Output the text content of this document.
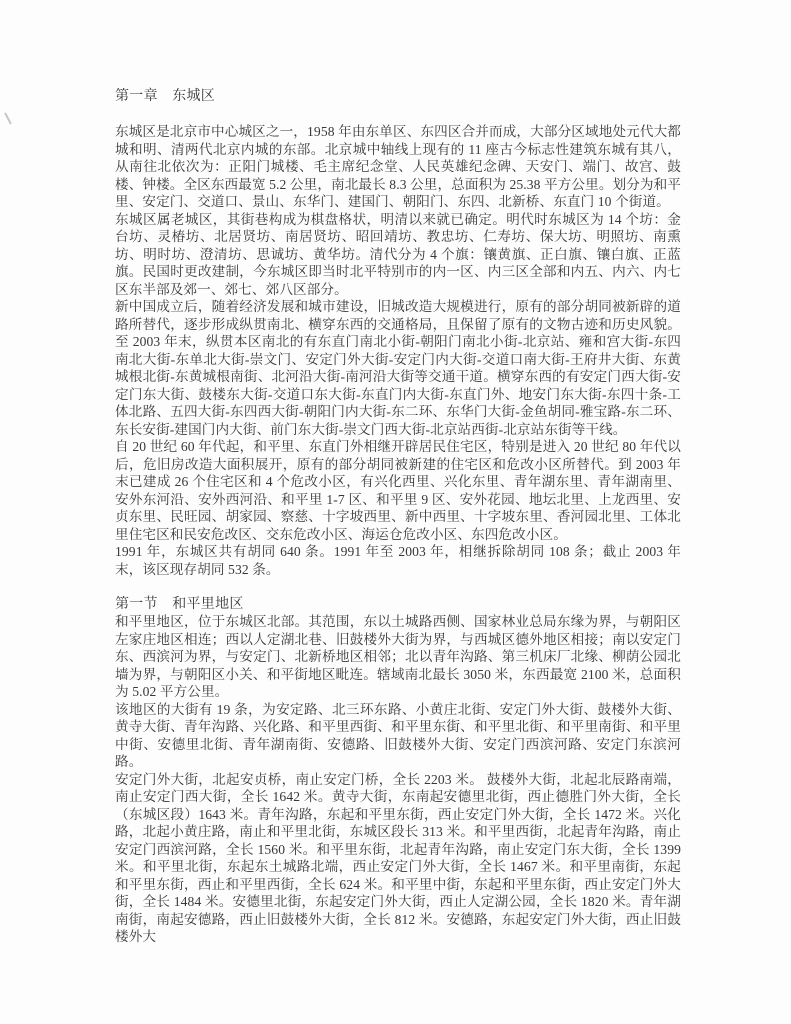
第一章　东城区

东城区是北京市中心城区之一，1958 年由东单区、东四区合并而成，大部分区域地处元代大都城和明、清两代北京内城的东部。北京城中轴线上现有的 11 座古今标志性建筑东城有其八，从南往北依次为：正阳门城楼、毛主席纪念堂、人民英雄纪念碑、天安门、端门、故宫、鼓楼、钟楼。全区东西最宽 5.2 公里，南北最长 8.3 公里，总面积为 25.38 平方公里。划分为和平里、安定门、交道口、景山、东华门、建国门、朝阳门、东四、北新桥、东直门 10 个街道。

东城区属老城区，其街巷构成为棋盘格状，明清以来就已确定。明代时东城区为 14 个坊：金台坊、灵椿坊、北居贤坊、南居贤坊、昭回靖坊、教忠坊、仁寿坊、保大坊、明照坊、南熏坊、明时坊、澄清坊、思诚坊、黄华坊。清代分为 4 个旗：镶黄旗、正白旗、镶白旗、正蓝旗。民国时更改建制，今东城区即当时北平特别市的内一区、内三区全部和内五、内六、内七区东半部及郊一、郊七、郊八区部分。

新中国成立后，随着经济发展和城市建设，旧城改造大规模进行，原有的部分胡同被新辟的道路所替代，逐步形成纵贯南北、横穿东西的交通格局，且保留了原有的文物古迹和历史风貌。至 2003 年末，纵贯本区南北的有东直门南北小街-朝阳门南北小街-北京站、雍和宫大街-东四南北大街-东单北大街-崇文门、安定门外大街-安定门内大街-交道口南大街-王府井大街、东黄城根北街-东黄城根南街、北河沿大街-南河沿大街等交通干道。横穿东西的有安定门西大街-安定门东大街、鼓楼东大街-交道口东大街-东直门内大街-东直门外、地安门东大街-东四十条-工体北路、五四大街-东四西大街-朝阳门内大街-东二环、东华门大街-金鱼胡同-雅宝路-东二环、东长安街-建国门内大街、前门东大街-崇文门西大街-北京站西街-北京站东街等干线。

自 20 世纪 60 年代起，和平里、东直门外相继开辟居民住宅区，特别是进入 20 世纪 80 年代以后，危旧房改造大面积展开，原有的部分胡同被新建的住宅区和危改小区所替代。到 2003 年末已建成 26 个住宅区和 4 个危改小区，有兴化西里、兴化东里、青年湖东里、青年湖南里、安外东河沿、安外西河沿、和平里 1-7 区、和平里 9 区、安外花园、地坛北里、上龙西里、安贞东里、民旺园、胡家园、察慈、十字坡西里、新中西里、十字坡东里、香河园北里、工体北里住宅区和民安危改区、交东危改小区、海运仓危改小区、东四危改小区。

1991 年，东城区共有胡同 640 条。1991 年至 2003 年，相继拆除胡同 108 条；截止 2003 年末，该区现存胡同 532 条。

第一节　和平里地区

和平里地区，位于东城区北部。其范围，东以土城路西侧、国家林业总局东缘为界，与朝阳区左家庄地区相连；西以人定湖北巷、旧鼓楼外大街为界，与西城区德外地区相接；南以安定门东、西滨河为界，与安定门、北新桥地区相邻；北以青年沟路、第三机床厂北缘、柳荫公园北墙为界，与朝阳区小关、和平街地区毗连。辖域南北最长 3050 米，东西最宽 2100 米，总面积为 5.02 平方公里。

该地区的大街有 19 条，为安定路、北三环东路、小黄庄北街、安定门外大街、鼓楼外大街、黄寺大街、青年沟路、兴化路、和平里西街、和平里东街、和平里北街、和平里南街、和平里中街、安德里北街、青年湖南街、安德路、旧鼓楼外大街、安定门西滨河路、安定门东滨河路。

安定门外大街，北起安贞桥，南止安定门桥，全长 2203 米。 鼓楼外大街，北起北辰路南端，南止安定门西大街，全长 1642 米。黄寺大街，东南起安德里北街，西止德胜门外大街，全长（东城区段）1643 米。青年沟路，东起和平里东街，西止安定门外大街，全长 1472 米。兴化路，北起小黄庄路，南止和平里北街，东城区段长 313 米。和平里西街，北起青年沟路，南止安定门西滨河路，全长 1560 米。和平里东街，北起青年沟路，南止安定门东大街，全长 1399 米。和平里北街，东起东土城路北端，西止安定门外大街，全长 1467 米。和平里南街，东起和平里东街，西止和平里西街，全长 624 米。和平里中街，东起和平里东街，西止安定门外大街，全长 1484 米。安德里北街，东起安定门外大街，西止人定湖公园，全长 1820 米。青年湖南街，南起安德路，西止旧鼓楼外大街，全长 812 米。安德路，东起安定门外大街，西止旧鼓楼外大
